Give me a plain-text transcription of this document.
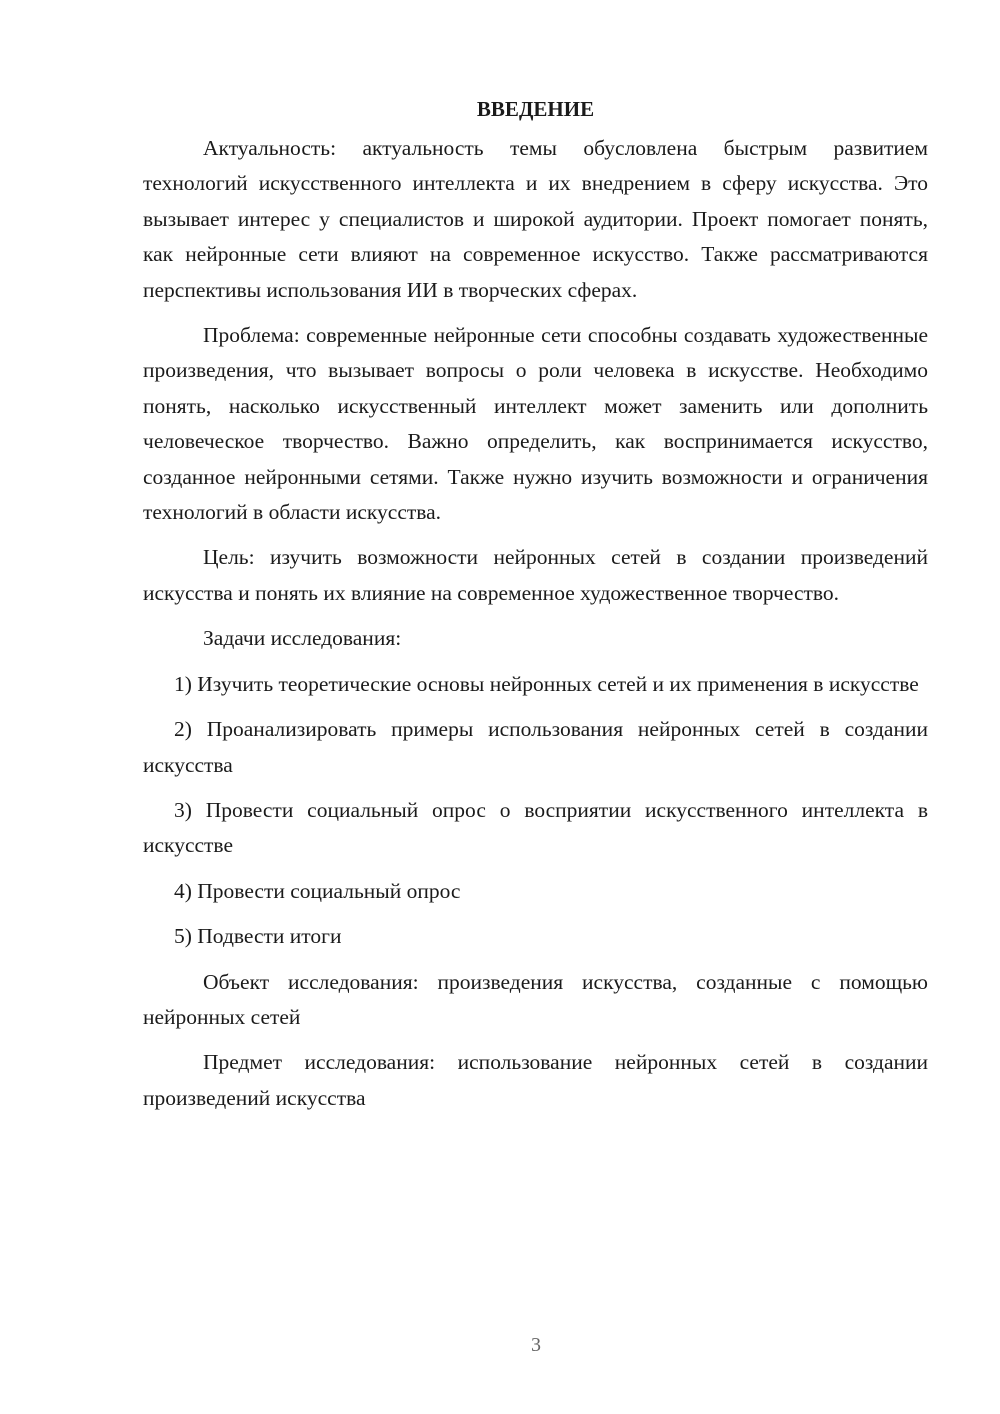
ВВЕДЕНИЕ

Актуальность: актуальность темы обусловлена быстрым развитием технологий искусственного интеллекта и их внедрением в сферу искусства. Это вызывает интерес у специалистов и широкой аудитории. Проект помогает понять, как нейронные сети влияют на современное искусство. Также рассматриваются перспективы использования ИИ в творческих сферах.

Проблема: современные нейронные сети способны создавать художественные произведения, что вызывает вопросы о роли человека в искусстве. Необходимо понять, насколько искусственный интеллект может заменить или дополнить человеческое творчество. Важно определить, как воспринимается искусство, созданное нейронными сетями. Также нужно изучить возможности и ограничения технологий в области искусства.

Цель: изучить возможности нейронных сетей в создании произведений искусства и понять их влияние на современное художественное творчество.

Задачи исследования:

1) Изучить теоретические основы нейронных сетей и их применения в искусстве

2) Проанализировать примеры использования нейронных сетей в создании искусства

3) Провести социальный опрос о восприятии искусственного интеллекта в искусстве

4) Провести социальный опрос

5) Подвести итоги

Объект исследования: произведения искусства, созданные с помощью нейронных сетей

Предмет исследования: использование нейронных сетей в создании произведений искусства

3
